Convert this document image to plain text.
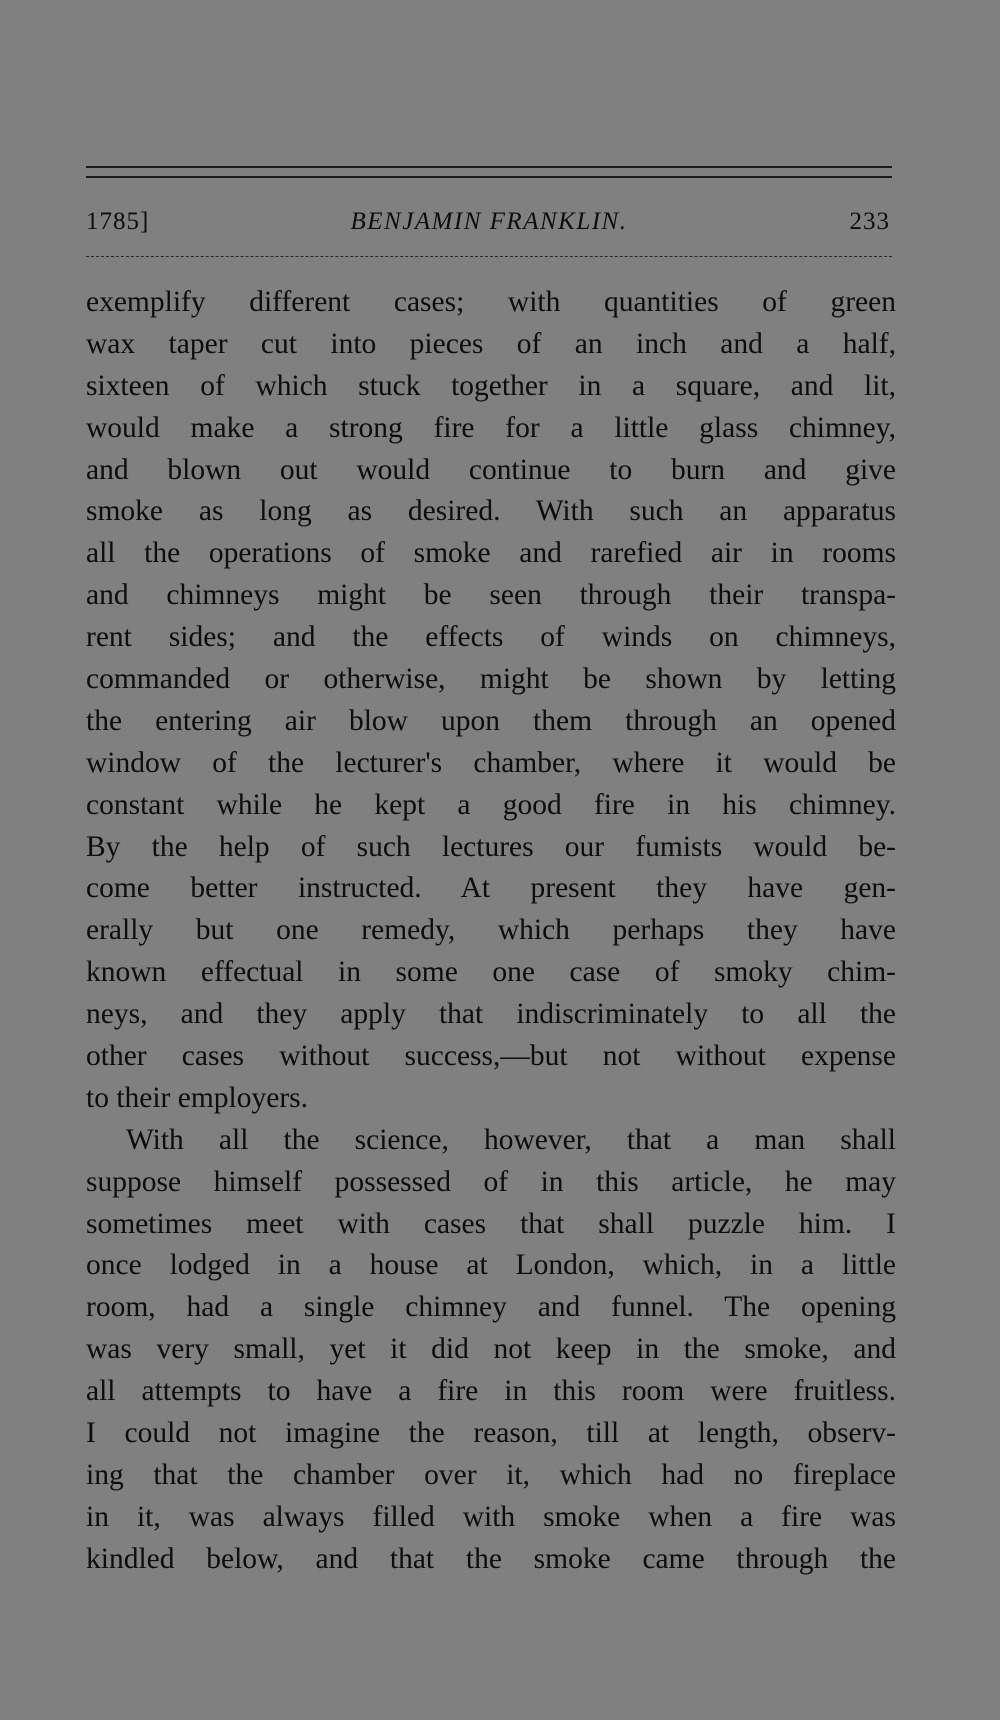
1785]	BENJAMIN FRANKLIN.	233
exemplify different cases; with quantities of green
wax taper cut into pieces of an inch and a half,
sixteen of which stuck together in a square, and lit,
would make a strong fire for a little glass chimney,
and blown out would continue to burn and give
smoke as long as desired. With such an apparatus
all the operations of smoke and rarefied air in rooms
and chimneys might be seen through their transpa-
rent sides; and the effects of winds on chimneys,
commanded or otherwise, might be shown by letting
the entering air blow upon them through an opened
window of the lecturer's chamber, where it would be
constant while he kept a good fire in his chimney.
By the help of such lectures our fumists would be-
come better instructed. At present they have gen-
erally but one remedy, which perhaps they have
known effectual in some one case of smoky chim-
neys, and they apply that indiscriminately to all the
other cases without success,—but not without expense
to their employers.
With all the science, however, that a man shall
suppose himself possessed of in this article, he may
sometimes meet with cases that shall puzzle him. I
once lodged in a house at London, which, in a little
room, had a single chimney and funnel. The opening
was very small, yet it did not keep in the smoke, and
all attempts to have a fire in this room were fruitless.
I could not imagine the reason, till at length, observ-
ing that the chamber over it, which had no fireplace
in it, was always filled with smoke when a fire was
kindled below, and that the smoke came through the
